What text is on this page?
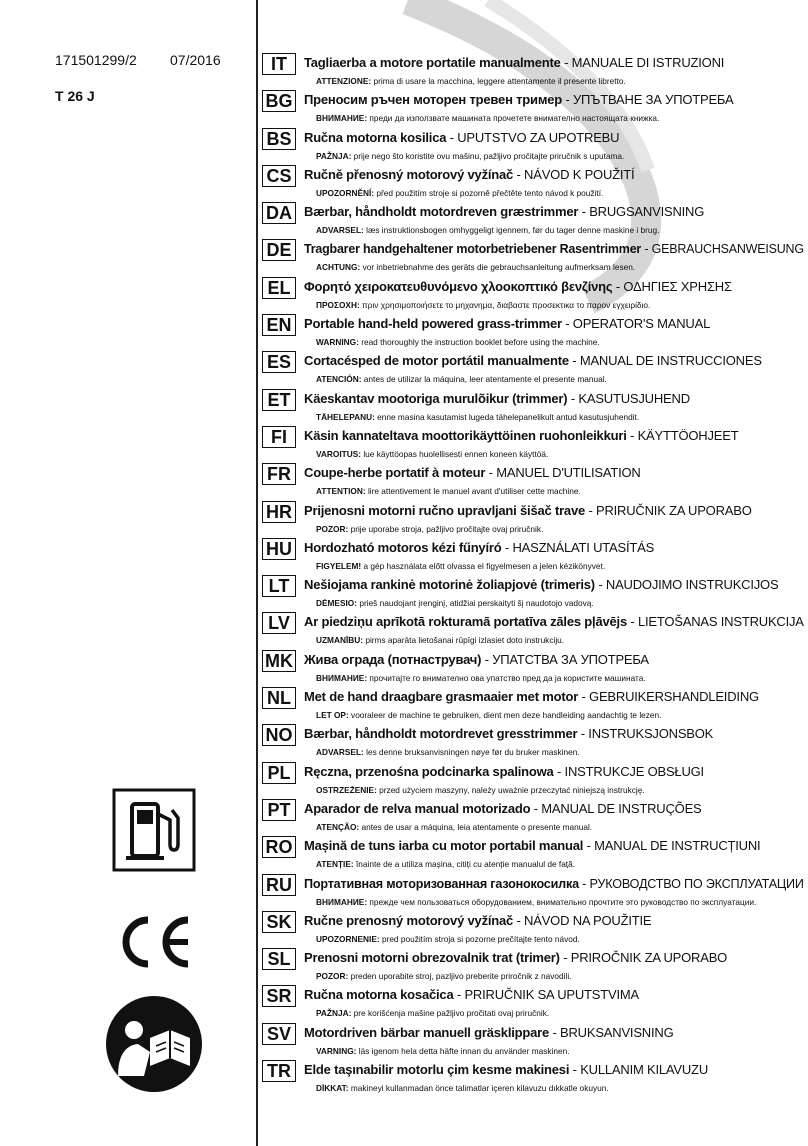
171501299/2 07/2016
T 26 J
IT	Tagliaerba a motore portatile manualmente - MANUALE DI ISTRUZIONI
ATTENZIONE: prima di usare la macchina, leggere attentamente il presente libretto.
BG Преносим ръчен моторен тревен тример - УПЪТВАНЕ ЗА УПОТРЕБА
ВНИМАНИЕ: преди да използвате машината прочетете внимателно настоящата книжка.
BS Ručna motorna kosilica - UPUTSTVO ZA UPOTREBU
PAŽNJA: prije nego što koristite ovu mašinu, pažljivo pročitajte priručnik s uputama.
CS Ručně přenosný motorový vyžínač - NÁVOD K POUŽITÍ
UPOZORNĚNÍ: před použitím stroje si pozorně přečtěte tento návod k použití.
DA Bærbar, håndholdt motordreven græstrimmer - BRUGSANVISNING
ADVARSEL: læs instruktionsbogen omhyggeligt igennem, før du tager denne maskine i brug.
DE Tragbarer handgehaltener motorbetriebener Rasentrimmer - GEBRAUCHSANWEISUNG
ACHTUNG: vor inbetriebnahme des geräts die gebrauchsanleitung aufmerksam lesen.
EL	Φορητό χειροκατευθυνόμενο χλοοκοπτικό βενζίνης - ΟΔΗΓΙΕΣ ΧΡΗΣΗΣ
ΠΡΟΣΟΧΗ: πριν χρησιμοποιήσετε το μηχανημα, διαβαστε προσεκτικα το παρον εγχειρίδιο.
EN Portable hand-held powered grass-trimmer - OPERATOR'S MANUAL
WARNING: read thoroughly the instruction booklet before using the machine.
ES	Cortacésped de motor portátil manualmente - MANUAL DE INSTRUCCIONES
ATENCIÓN: antes de utilizar la máquina, leer atentamente el presente manual.
ET	Käeskantav mootoriga murulõikur (trimmer) - KASUTUSJUHEND
TÄHELEPANU: enne masina kasutamist lugeda tähelepanelikult antud kasutusjuhendit.
FI	Käsin kannateltava moottorikäyttöinen ruohonleikkuri - KÄYTTÖOHJEET
VAROITUS: lue käyttöopas huolellisesti ennen koneen käyttöä.
FR	Coupe-herbe portatif à moteur - MANUEL D'UTILISATION
ATTENTION: lire attentivement le manuel avant d'utiliser cette machine.
HR Prijenosni motorni ručno upravljani šišač trave - PRIRUČNIK ZA UPORABO
POZOR: prije uporabe stroja, pažljivo pročitajte ovaj priručnik.
HU Hordozható motoros kézi fűnyíró - HASZNÁLATI UTASÍTÁS
FIGYELEM! a gép használata előtt olvassa el figyelmesen a jelen kézikönyvet.
LT	Nešiojama rankinė motorinė žoliapjovė (trimeris) - NAUDOJIMO INSTRUKCIJOS
DĖMESIO: prieš naudojant įrenginį, atidžiai perskaityti šį naudotojo vadovą.
LV	Ar piedziņu aprīkotā rokturamā portatīva zāles pļāvējs - LIETOŠANAS INSTRUKCIJA
UZMANĪBU: pirms aparāta lietošanai rūpīgi izlasiet doto instrukciju.
MK Жива ограда (потнаструвач) - УПАТСТВА ЗА УПОТРЕБА
ВНИМАНИЕ: прочитајте го внимателно ова упатство пред да ја користите машината.
NL	Met de hand draagbare grasmaaier met motor - GEBRUIKERSHANDLEIDING
LET OP: vooraleer de machine te gebruiken, dient men deze handleiding aandachtig te lezen.
NO Bærbar, håndholdt motordrevet gresstrimmer - INSTRUKSJONSBOK
ADVARSEL: les denne bruksanvisningen nøye før du bruker maskinen.
PL	Ręczna, przenośna podcinarka spalinowa - INSTRUKCJE OBSŁUGI
OSTRZEŻENIE: przed użyciem maszyny, należy uważnie przeczytać niniejszą instrukcję.
PT	Aparador de relva manual motorizado - MANUAL DE INSTRUÇÕES
ATENÇÃO: antes de usar a máquina, leia atentamente o presente manual.
RO Mașină de tuns iarba cu motor portabil manual - MANUAL DE INSTRUCȚIUNI
ATENȚIE: înainte de a utiliza mașina, citiți cu atenție manualul de față.
RU Портативная моторизованная газонокосилка - РУКОВОДСТВО ПО ЭКСПЛУАТАЦИИ
ВНИМАНИЕ: прежде чем пользоваться оборудованием, внимательно прочтите это руководство по эксплуатации.
SK Ručne prenosný motorový vyžínač - NÁVOD NA POUŽITIE
UPOZORNENIE: pred použitím stroja si pozorne prečítajte tento návod.
SL	Prenosni motorni obrezovalnik trat (trimer) - PRIROČNIK ZA UPORABO
POZOR: preden uporabite stroj, pazljivo preberite priročnik z navodili.
SR Ručna motorna kosačica - PRIRUČNIK SA UPUTSTVIMA
PAŽNJA: pre korišćenja mašine pažljivo pročitati ovaj priručnik.
SV	Motordriven bärbar manuell gräsklippare - BRUKSANVISNING
VARNING: läs igenom hela detta häfte innan du använder maskinen.
TR	Elde taşınabilir motorlu çim kesme makinesi - KULLANIM KILAVUZU
DİKKAT: makineyi kullanmadan önce talimatlar içeren kilavuzu dıkkatle okuyun.
